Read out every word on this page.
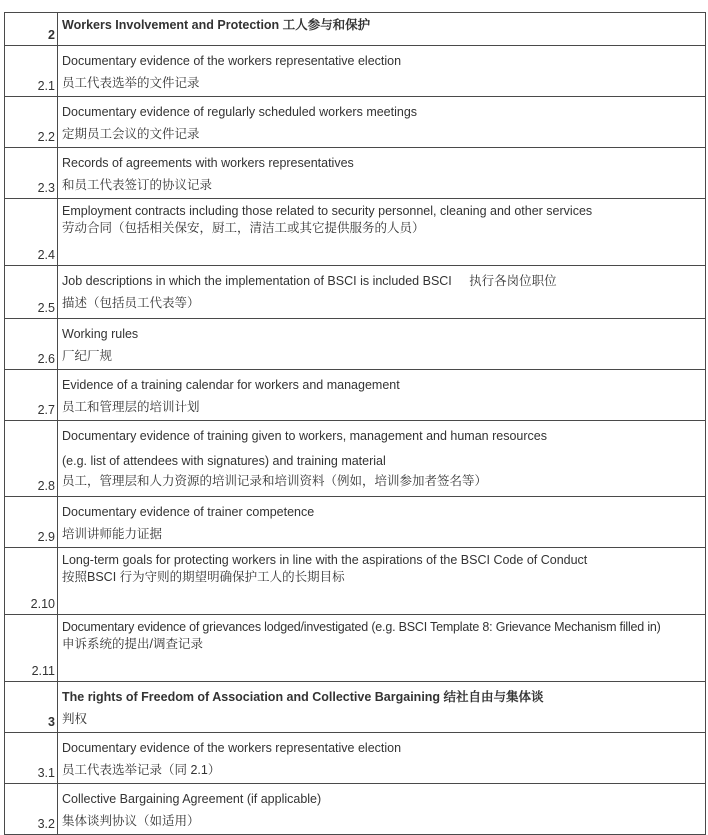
2	Workers Involvement and Protection 工人参与和保护

2.1	Documentary evidence of the workers representative election
员工代表选举的文件记录

2.2	Documentary evidence of regularly scheduled workers meetings
定期员工会议的文件记录

2.3	Records of agreements with workers representatives
和员工代表签订的协议记录

2.4	Employment contracts including those related to security personnel, cleaning and other services
劳动合同（包括相关保安，厨工，清洁工或其它提供服务的人员）

2.5	Job descriptions in which the implementation of BSCI is included BSCI     执行各岗位职位
描述（包括员工代表等）

2.6	Working rules
厂纪厂规

2.7	Evidence of a training calendar for workers and management
员工和管理层的培训计划

2.8	Documentary evidence of training given to workers, management and human resources
(e.g. list of attendees with signatures) and training material
员工，管理层和人力资源的培训记录和培训资料（例如，培训参加者签名等）

2.9	Documentary evidence of trainer competence
培训讲师能力证据

2.10	Long-term goals for protecting workers in line with the aspirations of the BSCI Code of Conduct
按照BSCI 行为守则的期望明确保护工人的长期目标

2.11	Documentary evidence of grievances lodged/investigated (e.g. BSCI Template 8: Grievance Mechanism filled in)
申诉系统的提出/调查记录

3	The rights of Freedom of Association and Collective Bargaining 结社自由与集体谈
判权

3.1	Documentary evidence of the workers representative election
员工代表选举记录（同 2.1）

3.2	Collective Bargaining Agreement (if applicable)
集体谈判协议（如适用）
